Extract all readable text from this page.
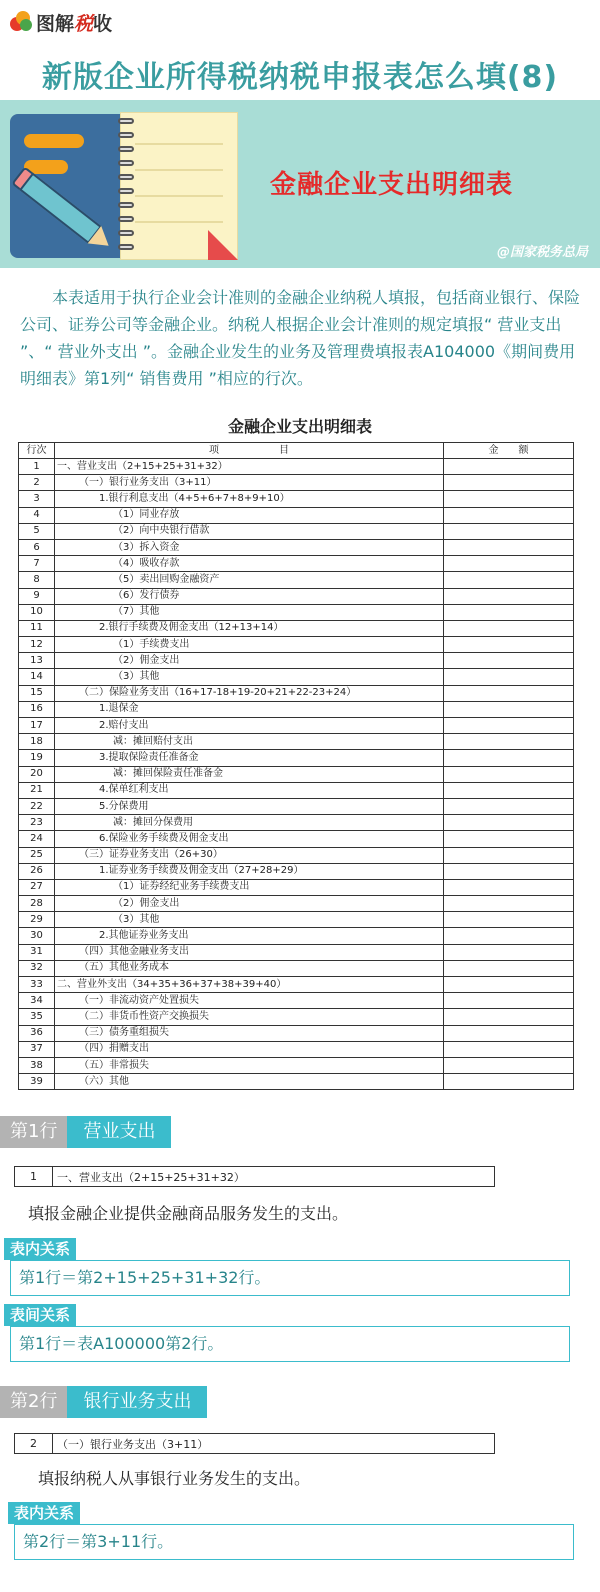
图解税收
新版企业所得税纳税申报表怎么填(8)
金融企业支出明细表
@国家税务总局
本表适用于执行企业会计准则的金融企业纳税人填报，包括商业银行、保险公司、证券公司等金融企业。纳税人根据企业会计准则的规定填报“ 营业支出 ”、“ 营业外支出 ”。金融企业发生的业务及管理费填报表A104000《期间费用明细表》第1列“ 销售费用 ”相应的行次。
金融企业支出明细表
行次	项　　　　　　目	金　　额
1	一、营业支出（2+15+25+31+32）	
2	（一）银行业务支出（3+11）	
3	1.银行利息支出（4+5+6+7+8+9+10）	
4	（1）同业存放	
5	（2）向中央银行借款	
6	（3）拆入资金	
7	（4）吸收存款	
8	（5）卖出回购金融资产	
9	（6）发行债券	
10	（7）其他	
11	2.银行手续费及佣金支出（12+13+14）	
12	（1）手续费支出	
13	（2）佣金支出	
14	（3）其他	
15	（二）保险业务支出（16+17-18+19-20+21+22-23+24）	
16	1.退保金	
17	2.赔付支出	
18	减：摊回赔付支出	
19	3.提取保险责任准备金	
20	减：摊回保险责任准备金	
21	4.保单红利支出	
22	5.分保费用	
23	减：摊回分保费用	
24	6.保险业务手续费及佣金支出	
25	（三）证券业务支出（26+30）	
26	1.证券业务手续费及佣金支出（27+28+29）	
27	（1）证券经纪业务手续费支出	
28	（2）佣金支出	
29	（3）其他	
30	2.其他证券业务支出	
31	（四）其他金融业务支出	
32	（五）其他业务成本	
33	二、营业外支出（34+35+36+37+38+39+40）	
34	（一）非流动资产处置损失	
35	（二）非货币性资产交换损失	
36	（三）债务重组损失	
37	（四）捐赠支出	
38	（五）非常损失	
39	（六）其他	
第1行	营业支出
1	一、营业支出（2+15+25+31+32）
填报金融企业提供金融商品服务发生的支出。
表内关系
第1行＝第2+15+25+31+32行。
表间关系
第1行＝表A100000第2行。
第2行	银行业务支出
2	（一）银行业务支出（3+11）
填报纳税人从事银行业务发生的支出。
表内关系
第2行＝第3+11行。
